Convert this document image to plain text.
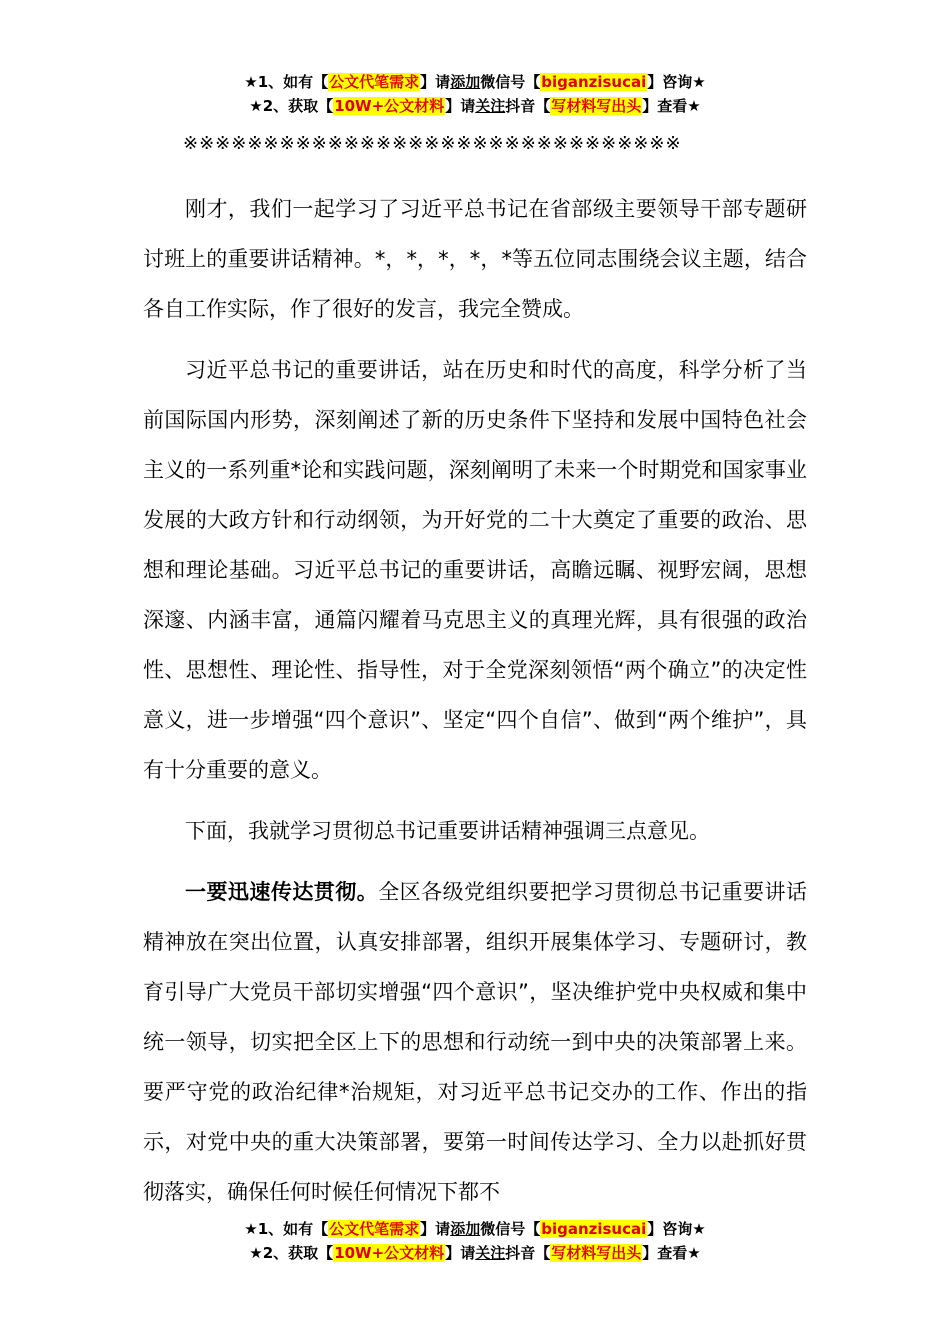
★1、如有【公文代笔需求】请添加微信号【biganzisucai】咨询★
★2、获取【10W+公文材料】请关注抖音【写材料写出头】查看★
※※※※※※※※※※※※※※※※※※※※※※※※※※※※※※※

刚才，我们一起学习了习近平总书记在省部级主要领导干部专题研讨班上的重要讲话精神。*，*，*，*，*等五位同志围绕会议主题，结合各自工作实际，作了很好的发言，我完全赞成。

习近平总书记的重要讲话，站在历史和时代的高度，科学分析了当前国际国内形势，深刻阐述了新的历史条件下坚持和发展中国特色社会主义的一系列重*论和实践问题，深刻阐明了未来一个时期党和国家事业发展的大政方针和行动纲领，为开好党的二十大奠定了重要的政治、思想和理论基础。习近平总书记的重要讲话，高瞻远瞩、视野宏阔，思想深邃、内涵丰富，通篇闪耀着马克思主义的真理光辉，具有很强的政治性、思想性、理论性、指导性，对于全党深刻领悟“两个确立”的决定性意义，进一步增强“四个意识”、坚定“四个自信”、做到“两个维护”，具有十分重要的意义。

下面，我就学习贯彻总书记重要讲话精神强调三点意见。

一要迅速传达贯彻。全区各级党组织要把学习贯彻总书记重要讲话精神放在突出位置，认真安排部署，组织开展集体学习、专题研讨，教育引导广大党员干部切实增强“四个意识”，坚决维护党中央权威和集中统一领导，切实把全区上下的思想和行动统一到中央的决策部署上来。要严守党的政治纪律*治规矩，对习近平总书记交办的工作、作出的指示，对党中央的重大决策部署，要第一时间传达学习、全力以赴抓好贯彻落实，确保任何时候任何情况下都不

★1、如有【公文代笔需求】请添加微信号【biganzisucai】咨询★
★2、获取【10W+公文材料】请关注抖音【写材料写出头】查看★
